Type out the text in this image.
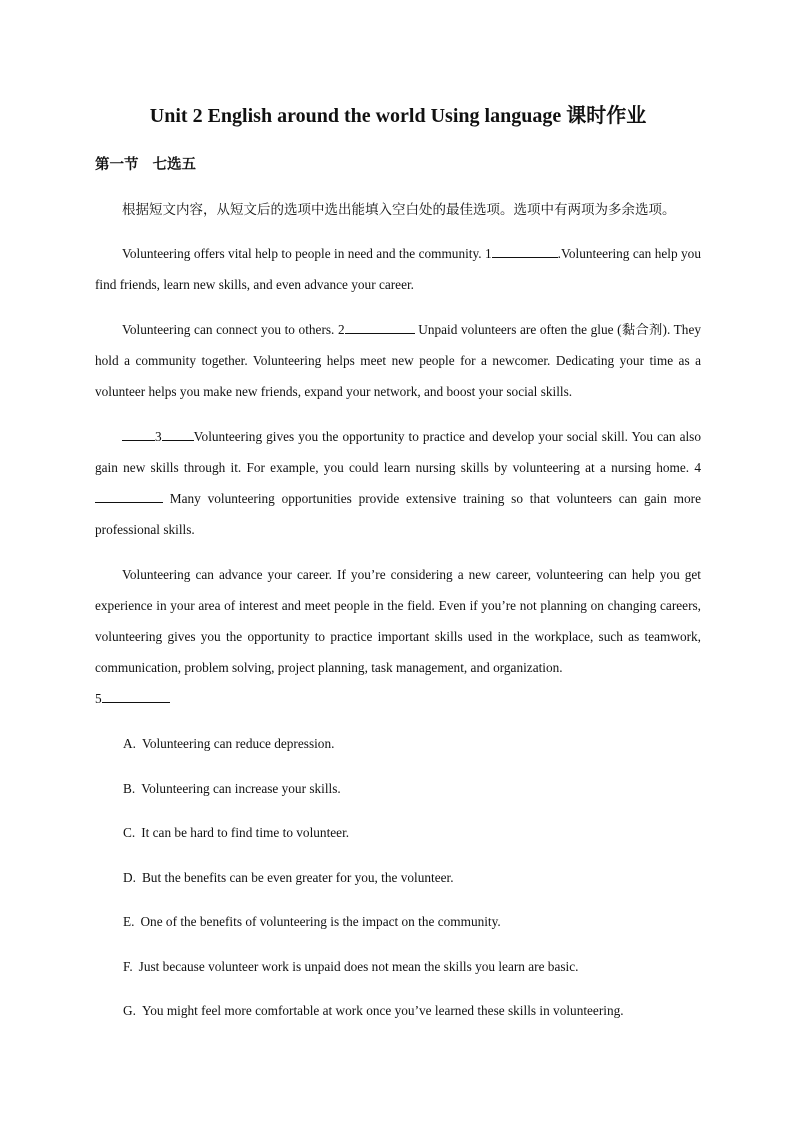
Unit 2 English around the world Using language 课时作业
第一节 七选五
根据短文内容，从短文后的选项中选出能填入空白处的最佳选项。选项中有两项为多余选项。

Volunteering offers vital help to people in need and the community. 1	.Volunteering can help you find friends, learn new skills, and even advance your career.

Volunteering can connect you to others. 2	Unpaid volunteers are often the glue (黏合剂). They hold a community together. Volunteering helps meet new people for a newcomer. Dedicating your time as a volunteer helps you make new friends, expand your network, and boost your social skills.

3 Volunteering gives you the opportunity to practice and develop your social skill. You can also gain new skills through it. For example, you could learn nursing skills by volunteering at a nursing home. 4 Many volunteering opportunities provide extensive training so that volunteers can gain more professional skills.

Volunteering can advance your career. If you’re considering a new career, volunteering can help you get experience in your area of interest and meet people in the field. Even if you’re not planning on changing careers, volunteering gives you the opportunity to practice important skills used in the workplace, such as teamwork, communication, problem solving, project planning, task management, and organization.
5

A. Volunteering can reduce depression.
B. Volunteering can increase your skills.
C. It can be hard to find time to volunteer.
D. But the benefits can be even greater for you, the volunteer.
E. One of the benefits of volunteering is the impact on the community.
F. Just because volunteer work is unpaid does not mean the skills you learn are basic.
G. You might feel more comfortable at work once you’ve learned these skills in volunteering.
